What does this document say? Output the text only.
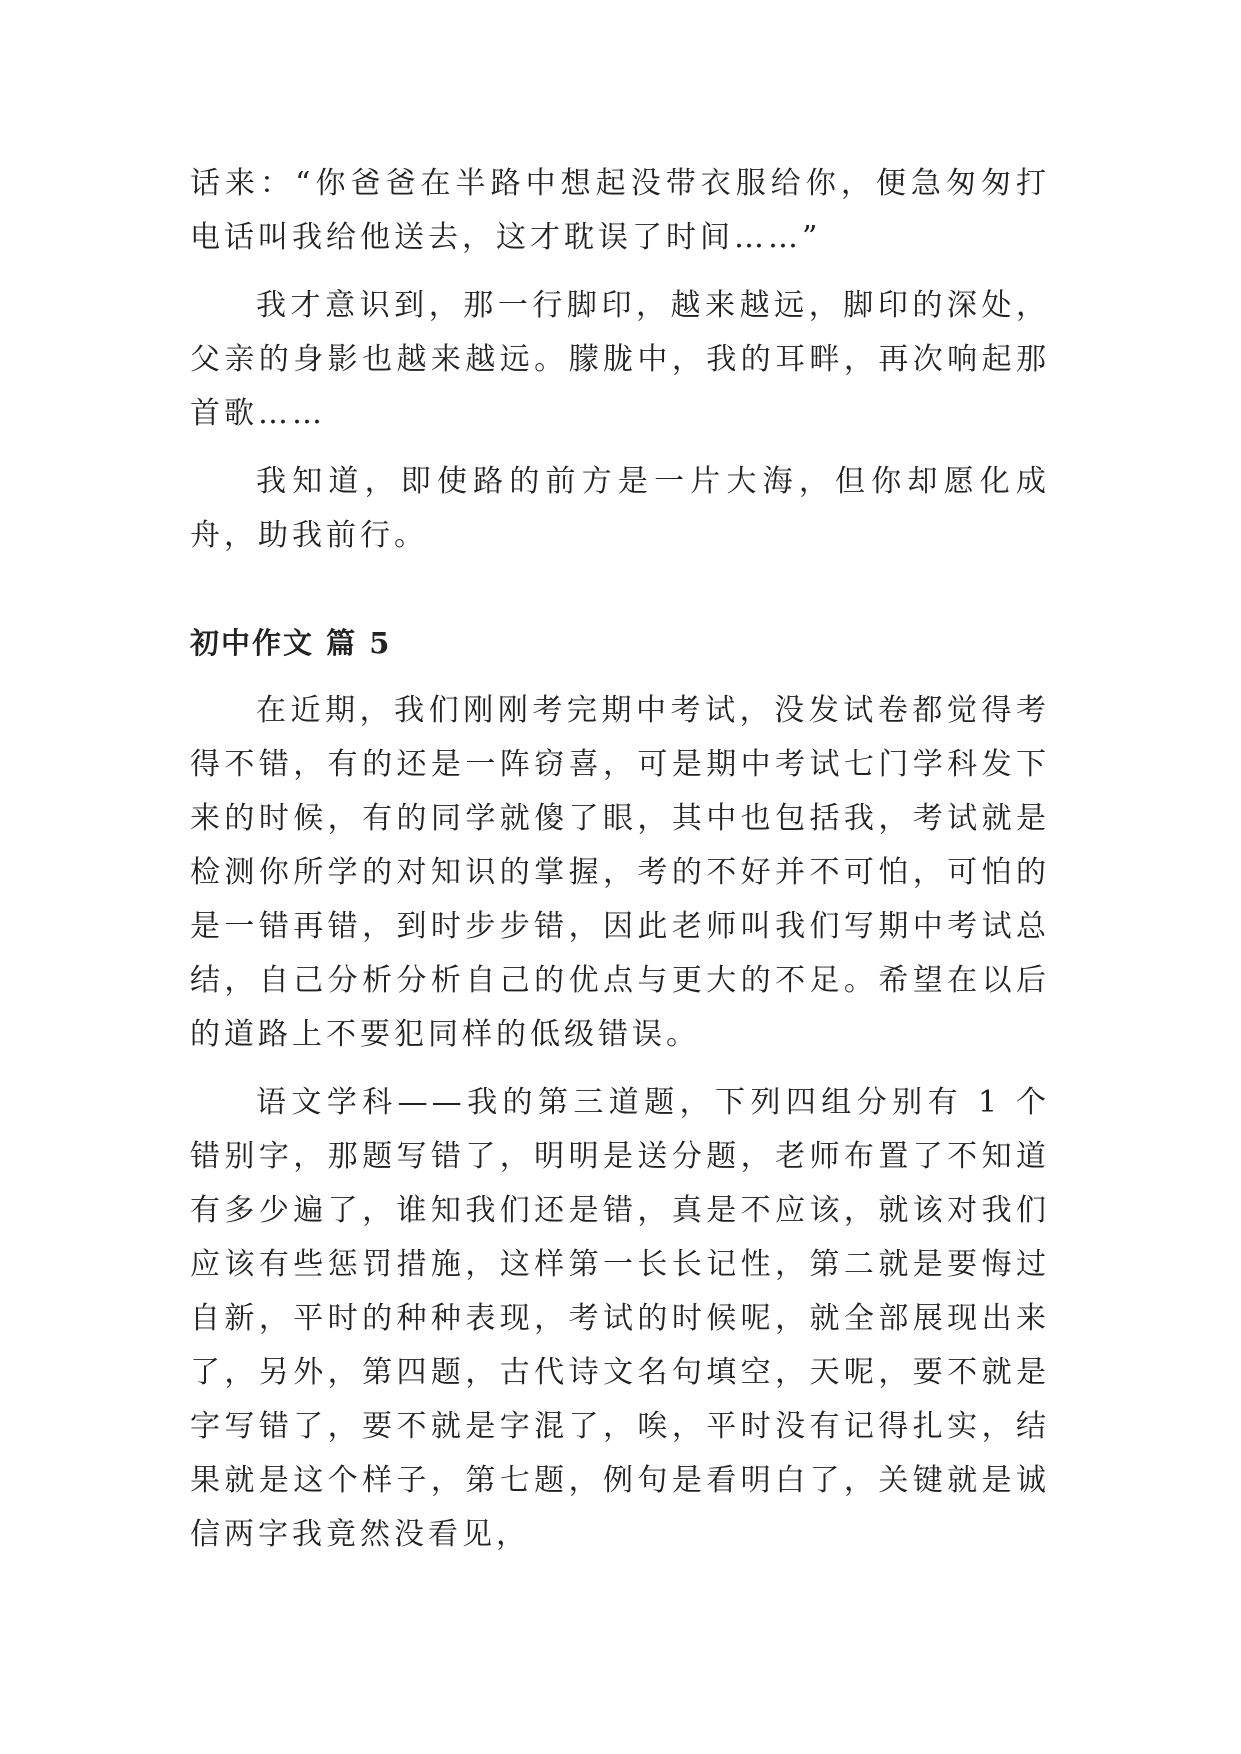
话来：“你爸爸在半路中想起没带衣服给你，便急匆匆打电话叫我给他送去，这才耽误了时间……”

我才意识到，那一行脚印，越来越远，脚印的深处，父亲的身影也越来越远。朦胧中，我的耳畔，再次响起那首歌……

我知道，即使路的前方是一片大海，但你却愿化成舟，助我前行。

初中作文 篇 5

在近期，我们刚刚考完期中考试，没发试卷都觉得考得不错，有的还是一阵窃喜，可是期中考试七门学科发下来的时候，有的同学就傻了眼，其中也包括我，考试就是检测你所学的对知识的掌握，考的不好并不可怕，可怕的是一错再错，到时步步错，因此老师叫我们写期中考试总结，自己分析分析自己的优点与更大的不足。希望在以后的道路上不要犯同样的低级错误。

语文学科——我的第三道题，下列四组分别有 1 个错别字，那题写错了，明明是送分题，老师布置了不知道有多少遍了，谁知我们还是错，真是不应该，就该对我们应该有些惩罚措施，这样第一长长记性，第二就是要悔过自新，平时的种种表现，考试的时候呢，就全部展现出来了，另外，第四题，古代诗文名句填空，天呢，要不就是字写错了，要不就是字混了，唉，平时没有记得扎实，结果就是这个样子，第七题，例句是看明白了，关键就是诚信两字我竟然没看见，
